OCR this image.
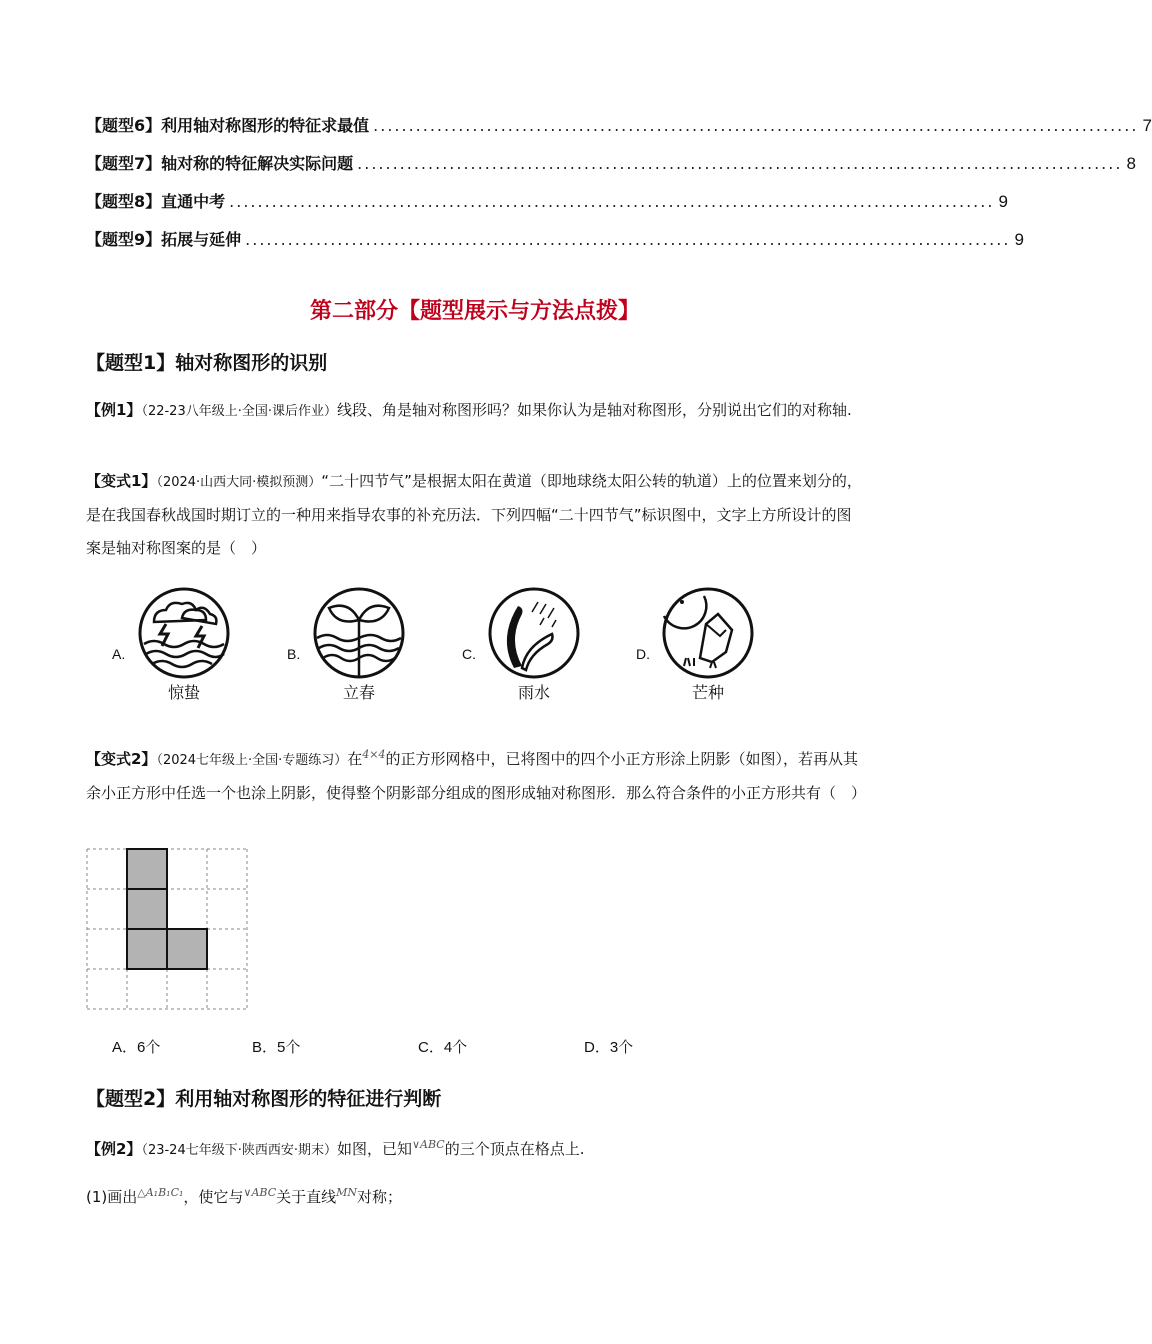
【题型6】 利用轴对称图形的特征求最值 ............................................................................................................ 7
【题型7】 轴对称的特征解决实际问题 ............................................................................................................ 8
【题型8】 直通中考 ............................................................................................................ 9
【题型9】 拓展与延伸 ............................................................................................................ 9
第二部分【题型展示与方法点拨】
【题型1】轴对称图形的识别
【例1】（22-23八年级上·全国·课后作业）线段、角是轴对称图形吗？如果你认为是轴对称图形，分别说出它们的对称轴.
【变式1】（2024·山西大同·模拟预测）“二十四节气”是根据太阳在黄道（即地球绕太阳公转的轨道）上的位置来划分的，是在我国春秋战国时期订立的一种用来指导农事的补充历法．下列四幅“二十四节气”标识图中，文字上方所设计的图案是轴对称图案的是（　）
A.
惊蛰
B.
立春
C.
雨水
D.
芒种
【变式2】（2024七年级上·全国·专题练习）在$^{4\times 4}$的正方形网格中，已将图中的四个小正方形涂上阴影（如图），若再从其余小正方形中任选一个也涂上阴影，使得整个阴影部分组成的图形成轴对称图形．那么符合条件的小正方形共有（　）
A．6个	B．5个	C．4个	D．3个
【题型2】利用轴对称图形的特征进行判断
【例2】（23-24七年级下·陕西西安·期末）如图，已知$^{\vee ABC}$的三个顶点在格点上.
(1)画出$^{\triangle A_1B_1C_1}$，使它与$^{\vee ABC}$关于直线$^{MN}$对称；
